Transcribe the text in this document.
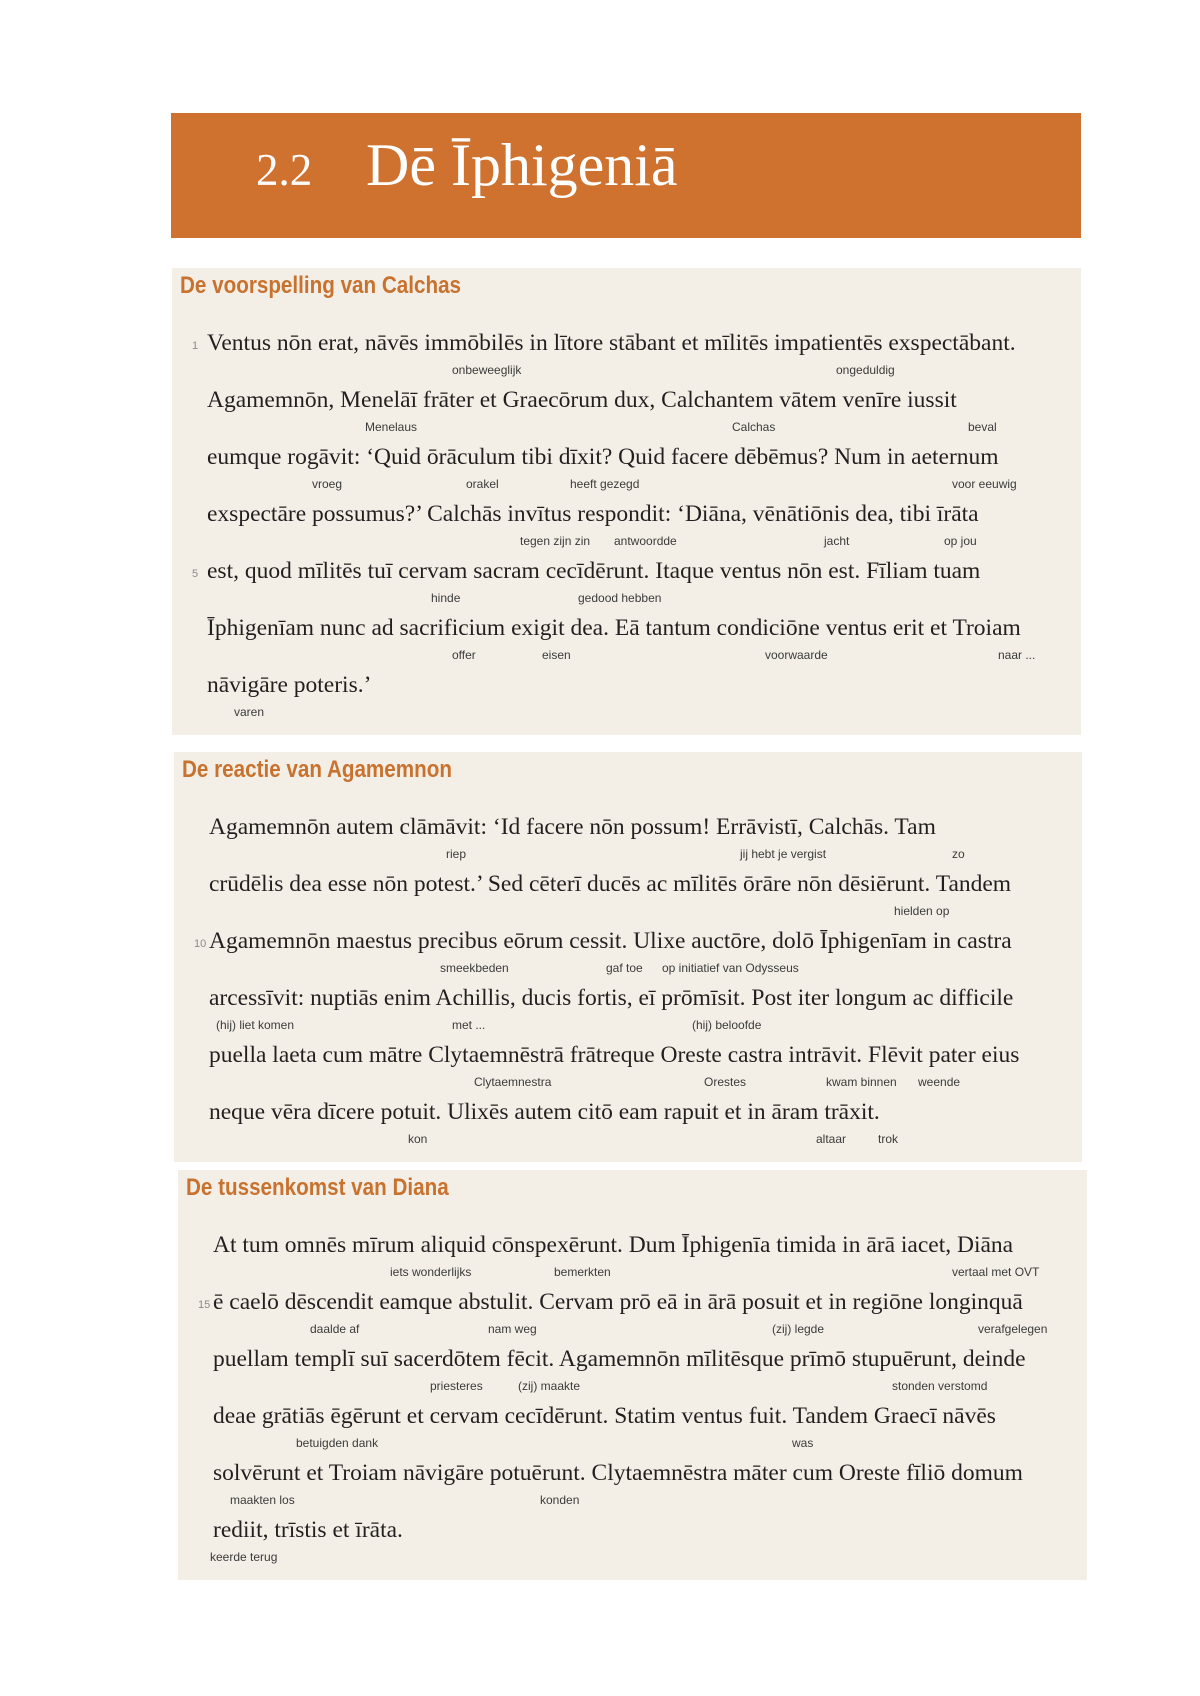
2.2 Dē Īphigeniā
De voorspelling van Calchas
1 Ventus nōn erat, nāvēs immōbilēs in lītore stābant et mīlitēs impatientēs exspectābant.
onbeweeglijk	ongeduldig
Agamemnōn, Menelāī frāter et Graecōrum dux, Calchantem vātem venīre iussit
Menelaus	Calchas	beval
eumque rogāvit: ‘Quid ōrāculum tibi dīxit? Quid facere dēbēmus? Num in aeternum
vroeg	orakel	heeft gezegd	voor eeuwig
exspectāre possumus?’ Calchās invītus respondit: ‘Diāna, vēnātiōnis dea, tibi īrāta
tegen zijn zin antwoordde	jacht	op jou
5 est, quod mīlitēs tuī cervam sacram cecīdērunt. Itaque ventus nōn est. Fīliam tuam
hinde	gedood hebben
Īphigenīam nunc ad sacrificium exigit dea. Eā tantum condiciōne ventus erit et Troiam
offer	eisen	voorwaarde	naar ...
nāvigāre poteris.’
varen
De reactie van Agamemnon
Agamemnōn autem clāmāvit: ‘Id facere nōn possum! Errāvistī, Calchās. Tam
riep	jij hebt je vergist	zo
crūdēlis dea esse nōn potest.’ Sed cēterī ducēs ac mīlitēs ōrāre nōn dēsiērunt. Tandem
hielden op
10 Agamemnōn maestus precibus eōrum cessit. Ulixe auctōre, dolō Īphigenīam in castra
smeekbeden	gaf toe op initiatief van Odysseus
arcessīvit: nuptiās enim Achillis, ducis fortis, eī prōmīsit. Post iter longum ac difficile
(hij) liet komen	met ...	(hij) beloofde
puella laeta cum mātre Clytaemnēstrā frātreque Oreste castra intrāvit. Flēvit pater eius
Clytaemnestra	Orestes	kwam binnen weende
neque vēra dīcere potuit. Ulixēs autem citō eam rapuit et in āram trāxit.
kon	altaar	trok
De tussenkomst van Diana
At tum omnēs mīrum aliquid cōnspexērunt. Dum Īphigenīa timida in ārā iacet, Diāna
iets wonderlijks	bemerkten	vertaal met OVT
15 ē caelō dēscendit eamque abstulit. Cervam prō eā in ārā posuit et in regiōne longinquā
daalde af	nam weg	(zij) legde	verafgelegen
puellam templī suī sacerdōtem fēcit. Agamemnōn mīlitēsque prīmō stupuērunt, deinde
priesteres	(zij) maakte	stonden verstomd
deae grātiās ēgērunt et cervam cecīdērunt. Statim ventus fuit. Tandem Graecī nāvēs
betuigden dank	was
solvērunt et Troiam nāvigāre potuērunt. Clytaemnēstra māter cum Oreste fīliō domum
maakten los	konden
rediit, trīstis et īrāta.
keerde terug
